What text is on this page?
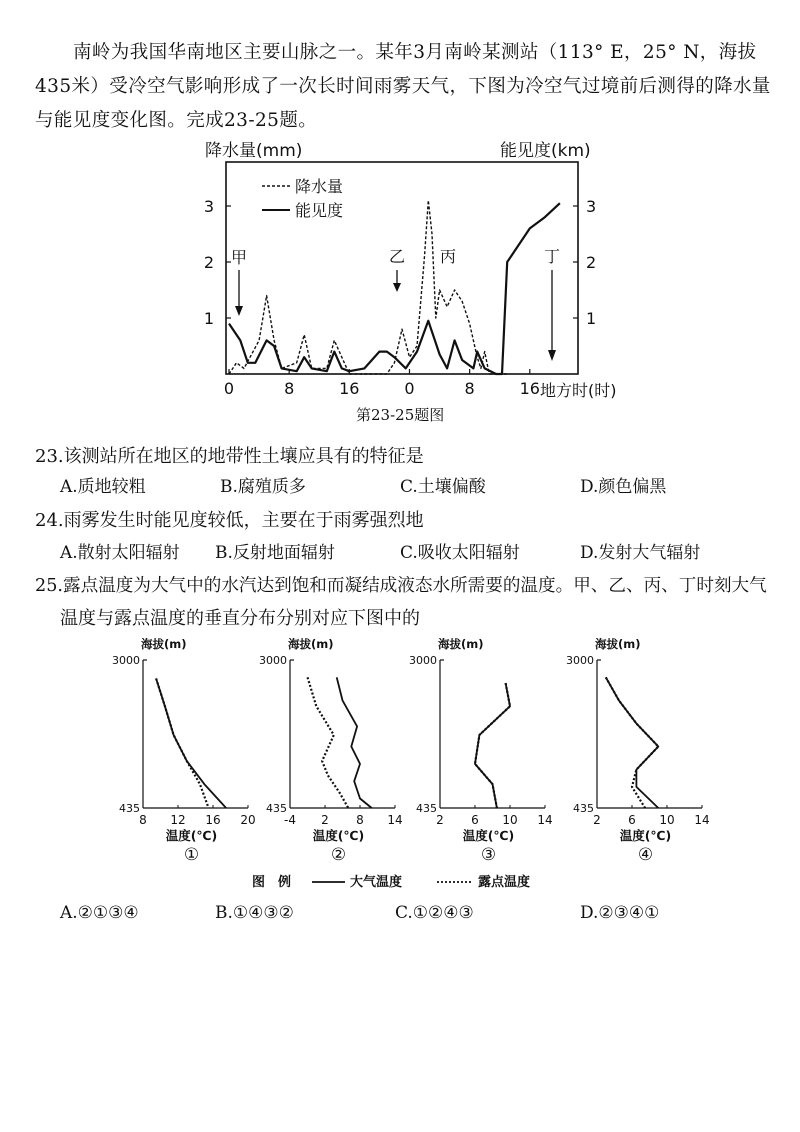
南岭为我国华南地区主要山脉之一。某年3月南岭某测站（113° E，25° N，海拔435米）受冷空气影响形成了一次长时间雨雾天气，下图为冷空气过境前后测得的降水量与能见度变化图。完成23-25题。

降水量(mm)	能见度(km)
地方时(时)
降水量
能见度
甲	乙 丙	丁
0	8	16	0	8	16
1
2
3
1
2
3
第23-25题图
23.该测站所在地区的地带性土壤应具有的特征是
A.质地较粗	B.腐殖质多	C.土壤偏酸	D.颜色偏黑
24.雨雾发生时能见度较低，主要在于雨雾强烈地
A.散射太阳辐射 B.反射地面辐射	C.吸收太阳辐射	D.发射大气辐射
25.露点温度为大气中的水汽达到饱和而凝结成液态水所需要的温度。甲、乙、丙、丁时刻大气
温度与露点温度的垂直分布分别对应下图中的
海拔(m)
3000
435
8 12 16 20
温度(℃)
①
海拔(m)
3000
435
-4 2 8 14
温度(℃)
②
海拔(m)
3000
435
2 6 10 14
温度(℃)
③
海拔(m)
3000
435
2 6 10 14
温度(℃)
④
图　例	大气温度	露点温度
A.②①③④	B.①④③②	C.①②④③	D.②③④①
